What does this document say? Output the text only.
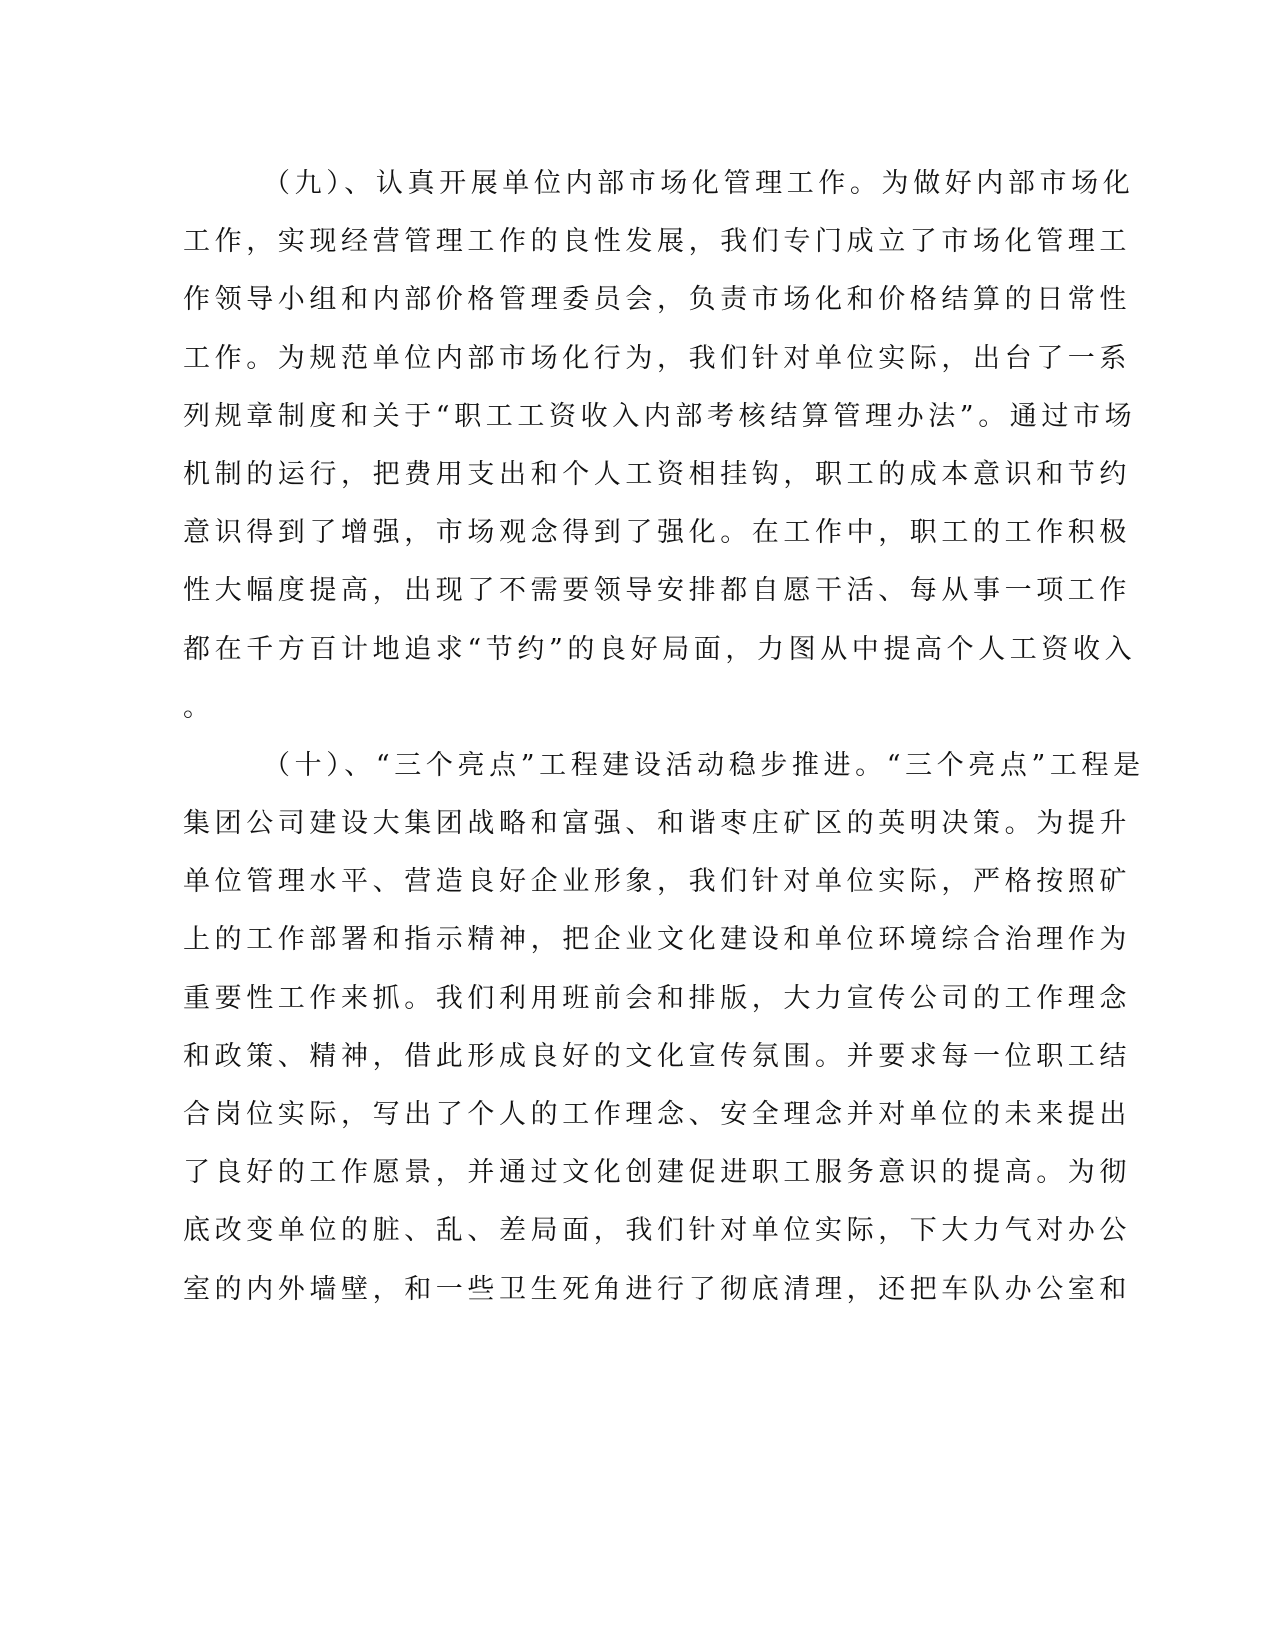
（九）、认真开展单位内部市场化管理工作。为做好内部市场化
工作，实现经营管理工作的良性发展，我们专门成立了市场化管理工
作领导小组和内部价格管理委员会，负责市场化和价格结算的日常性
工作。为规范单位内部市场化行为，我们针对单位实际，出台了一系
列规章制度和关于“职工工资收入内部考核结算管理办法”。通过市场
机制的运行，把费用支出和个人工资相挂钩，职工的成本意识和节约
意识得到了增强，市场观念得到了强化。在工作中，职工的工作积极
性大幅度提高，出现了不需要领导安排都自愿干活、每从事一项工作
都在千方百计地追求“节约”的良好局面，力图从中提高个人工资收入
。
（十）、“三个亮点”工程建设活动稳步推进。“三个亮点”工程是
集团公司建设大集团战略和富强、和谐枣庄矿区的英明决策。为提升
单位管理水平、营造良好企业形象，我们针对单位实际，严格按照矿
上的工作部署和指示精神，把企业文化建设和单位环境综合治理作为
重要性工作来抓。我们利用班前会和排版，大力宣传公司的工作理念
和政策、精神，借此形成良好的文化宣传氛围。并要求每一位职工结
合岗位实际，写出了个人的工作理念、安全理念并对单位的未来提出
了良好的工作愿景，并通过文化创建促进职工服务意识的提高。为彻
底改变单位的脏、乱、差局面，我们针对单位实际，下大力气对办公
室的内外墙壁，和一些卫生死角进行了彻底清理，还把车队办公室和
